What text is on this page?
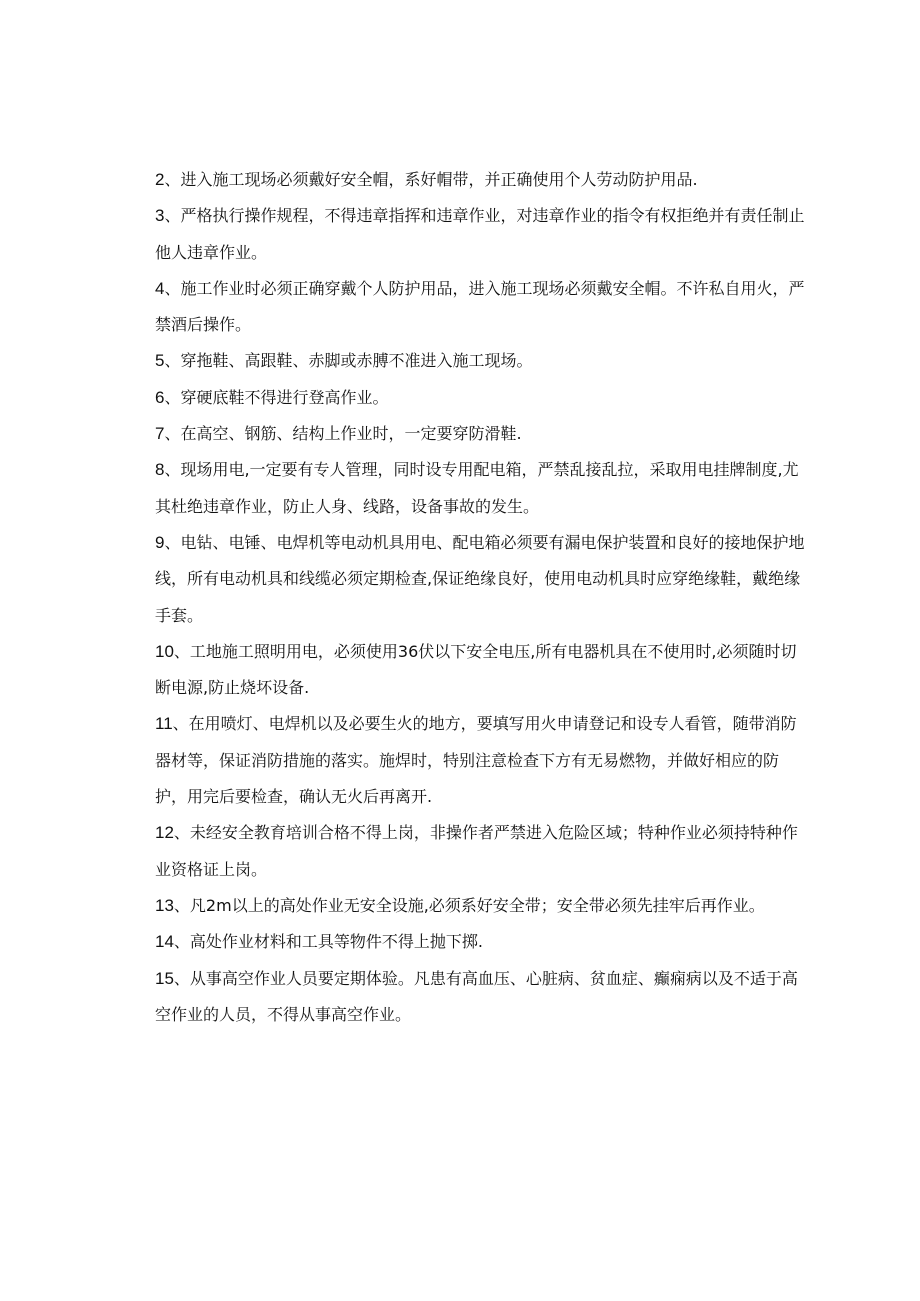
2、进入施工现场必须戴好安全帽，系好帽带，并正确使用个人劳动防护用品.

3、严格执行操作规程，不得违章指挥和违章作业，对违章作业的指令有权拒绝并有责任制止他人违章作业。

4、施工作业时必须正确穿戴个人防护用品，进入施工现场必须戴安全帽。不许私自用火，严禁酒后操作。

5、穿拖鞋、高跟鞋、赤脚或赤膊不准进入施工现场。

6、穿硬底鞋不得进行登高作业。

7、在高空、钢筋、结构上作业时，一定要穿防滑鞋.

8、现场用电,一定要有专人管理，同时设专用配电箱，严禁乱接乱拉，采取用电挂牌制度,尤其杜绝违章作业，防止人身、线路，设备事故的发生。

9、电钻、电锤、电焊机等电动机具用电、配电箱必须要有漏电保护装置和良好的接地保护地线，所有电动机具和线缆必须定期检查,保证绝缘良好，使用电动机具时应穿绝缘鞋，戴绝缘手套。

10、工地施工照明用电，必须使用36伏以下安全电压,所有电器机具在不使用时,必须随时切断电源,防止烧坏设备.

11、在用喷灯、电焊机以及必要生火的地方，要填写用火申请登记和设专人看管，随带消防器材等，保证消防措施的落实。施焊时，特别注意检查下方有无易燃物，并做好相应的防护，用完后要检查，确认无火后再离开.

12、未经安全教育培训合格不得上岗，非操作者严禁进入危险区域；特种作业必须持特种作业资格证上岗。

13、凡2m以上的高处作业无安全设施,必须系好安全带；安全带必须先挂牢后再作业。

14、高处作业材料和工具等物件不得上抛下掷.

15、从事高空作业人员要定期体验。凡患有高血压、心脏病、贫血症、癫痫病以及不适于高空作业的人员，不得从事高空作业。
